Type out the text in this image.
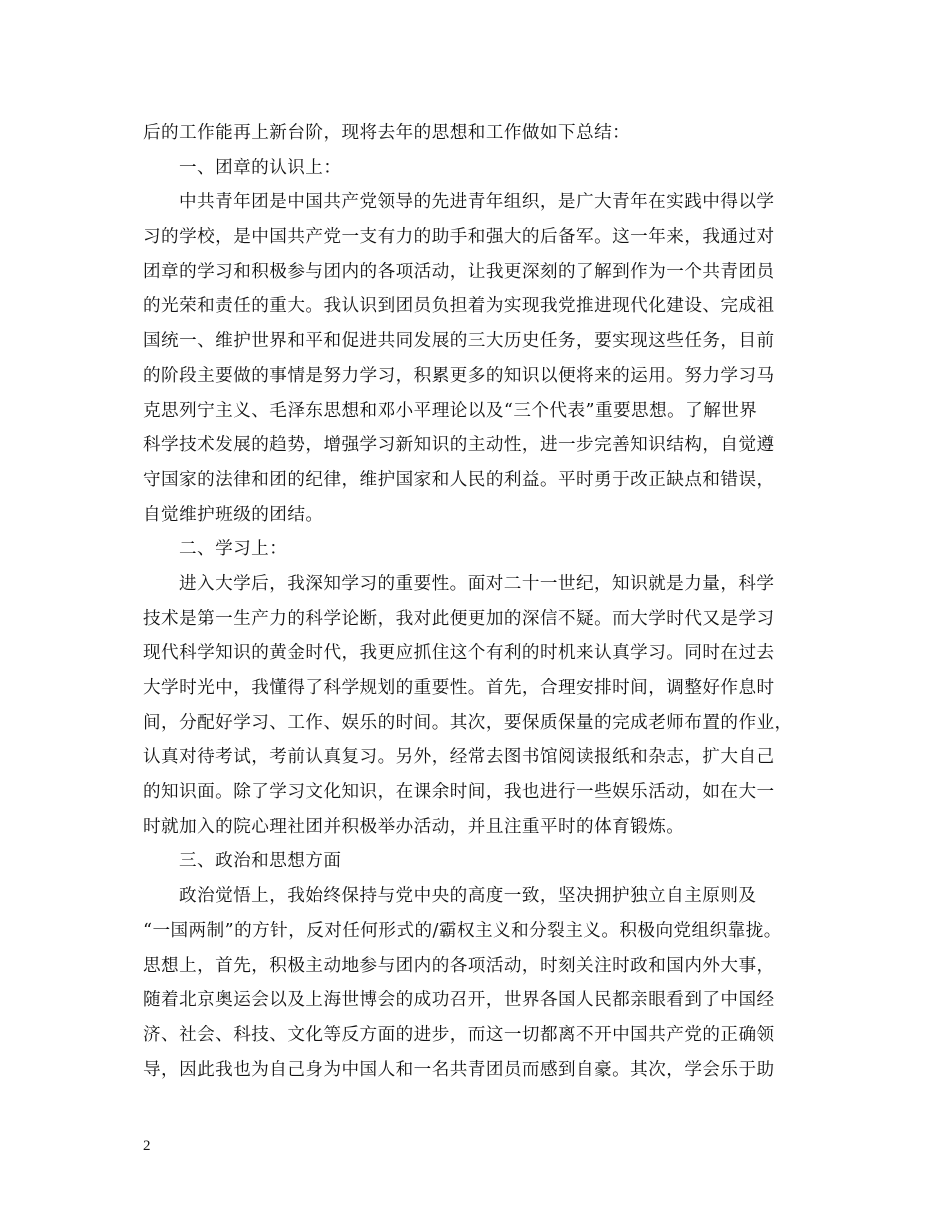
后的工作能再上新台阶，现将去年的思想和工作做如下总结：
一、团章的认识上：
中共青年团是中国共产党领导的先进青年组织，是广大青年在实践中得以学
习的学校，是中国共产党一支有力的助手和强大的后备军。这一年来，我通过对
团章的学习和积极参与团内的各项活动，让我更深刻的了解到作为一个共青团员
的光荣和责任的重大。我认识到团员负担着为实现我党推进现代化建设、完成祖
国统一、维护世界和平和促进共同发展的三大历史任务，要实现这些任务，目前
的阶段主要做的事情是努力学习，积累更多的知识以便将来的运用。努力学习马
克思列宁主义、毛泽东思想和邓小平理论以及“三个代表”重要思想。了解世界
科学技术发展的趋势，增强学习新知识的主动性，进一步完善知识结构，自觉遵
守国家的法律和团的纪律，维护国家和人民的利益。平时勇于改正缺点和错误，
自觉维护班级的团结。
二、学习上：
进入大学后，我深知学习的重要性。面对二十一世纪，知识就是力量，科学
技术是第一生产力的科学论断，我对此便更加的深信不疑。而大学时代又是学习
现代科学知识的黄金时代，我更应抓住这个有利的时机来认真学习。同时在过去
大学时光中，我懂得了科学规划的重要性。首先，合理安排时间，调整好作息时
间，分配好学习、工作、娱乐的时间。其次，要保质保量的完成老师布置的作业，
认真对待考试，考前认真复习。另外，经常去图书馆阅读报纸和杂志，扩大自己
的知识面。除了学习文化知识，在课余时间，我也进行一些娱乐活动，如在大一
时就加入的院心理社团并积极举办活动，并且注重平时的体育锻炼。
三、政治和思想方面
政治觉悟上，我始终保持与党中央的高度一致，坚决拥护独立自主原则及
“一国两制”的方针，反对任何形式的/霸权主义和分裂主义。积极向党组织靠拢。
思想上，首先，积极主动地参与团内的各项活动，时刻关注时政和国内外大事，
随着北京奥运会以及上海世博会的成功召开，世界各国人民都亲眼看到了中国经
济、社会、科技、文化等反方面的进步，而这一切都离不开中国共产党的正确领
导，因此我也为自己身为中国人和一名共青团员而感到自豪。其次，学会乐于助
2
